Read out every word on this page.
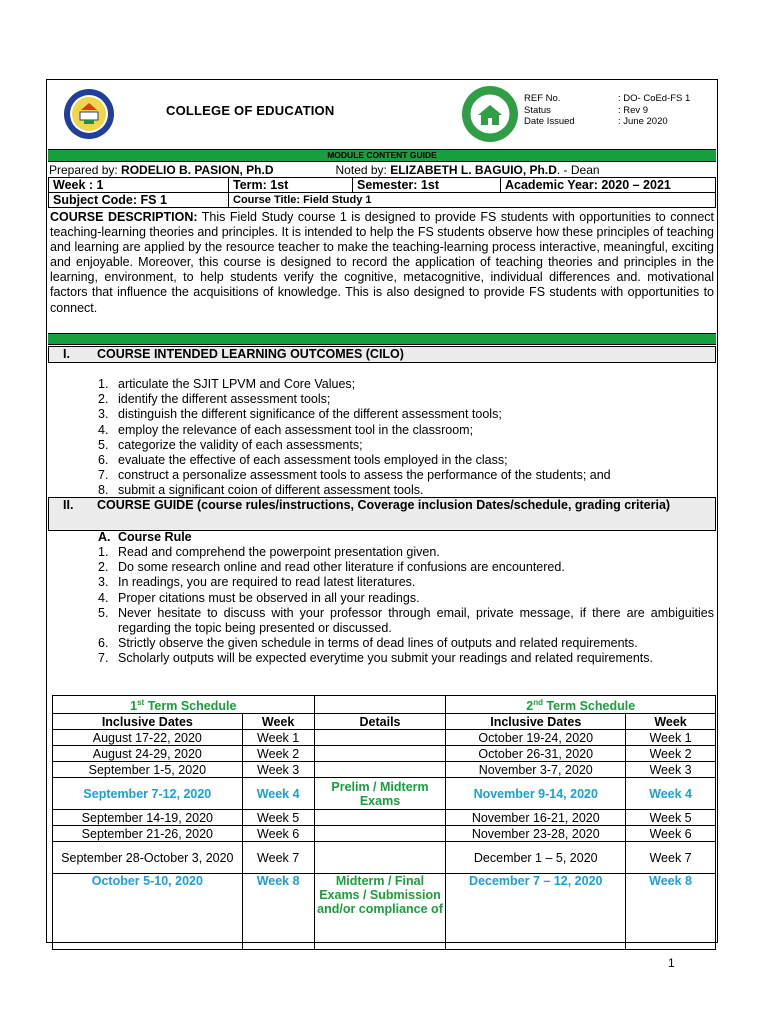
COLLEGE OF EDUCATION
REF No.	: DO- CoEd-FS 1
Status	: Rev 9
Date Issued	: June 2020
MODULE CONTENT GUIDE
Prepared by: RODELIO B. PASION, Ph.D	Noted by: ELIZABETH L. BAGUIO, Ph.D. - Dean
Week : 1	Term: 1st	Semester: 1st	Academic Year: 2020 – 2021
Subject Code: FS 1	Course Title: Field Study 1		
COURSE DESCRIPTION: This Field Study course 1 is designed to provide FS students with opportunities to connect teaching-learning theories and principles. It is intended to help the FS students observe how these principles of teaching and learning are applied by the resource teacher to make the teaching-learning process interactive, meaningful, exciting and enjoyable. Moreover, this course is designed to record the application of teaching theories and principles in the learning, environment, to help students verify the cognitive, metacognitive, individual differences and. motivational factors that influence the acquisitions of knowledge. This is also designed to provide FS students with opportunities to connect.
I. COURSE INTENDED LEARNING OUTCOMES (CILO)
1. articulate the SJIT LPVM and Core Values;
2. identify the different assessment tools;
3. distinguish the different significance of the different assessment tools;
4. employ the relevance of each assessment tool in the classroom;
5. categorize the validity of each assessments;
6. evaluate the effective of each assessment tools employed in the class;
7. construct a personalize assessment tools to assess the performance of the students; and
8. submit a significant coion of different assessment tools.
II. COURSE GUIDE (course rules/instructions, Coverage inclusion Dates/schedule, grading criteria)
A. Course Rule
1. Read and comprehend the powerpoint presentation given.
2. Do some research online and read other literature if confusions are encountered.
3. In readings, you are required to read latest literatures.
4. Proper citations must be observed in all your readings.
5. Never hesitate to discuss with your professor through email, private message, if there are ambiguities regarding the topic being presented or discussed.
6. Strictly observe the given schedule in terms of dead lines of outputs and related requirements.
7. Scholarly outputs will be expected everytime you submit your readings and related requirements.
1st Term Schedule			2nd Term Schedule	
Inclusive Dates	Week	Details	Inclusive Dates	Week
August 17-22, 2020	Week 1		October 19-24, 2020	Week 1
August 24-29, 2020	Week 2		October 26-31, 2020	Week 2
September 1-5, 2020	Week 3		November 3-7, 2020	Week 3
September 7-12, 2020	Week 4	Prelim / Midterm Exams	November 9-14, 2020	Week 4
September 14-19, 2020	Week 5		November 16-21, 2020	Week 5
September 21-26, 2020	Week 6		November 23-28, 2020	Week 6
September 28-October 3, 2020	Week 7		December 1 – 5, 2020	Week 7
October 5-10, 2020	Week 8	Midterm / Final Exams / Submission and/or compliance of	December 7 – 12, 2020	Week 8
1
